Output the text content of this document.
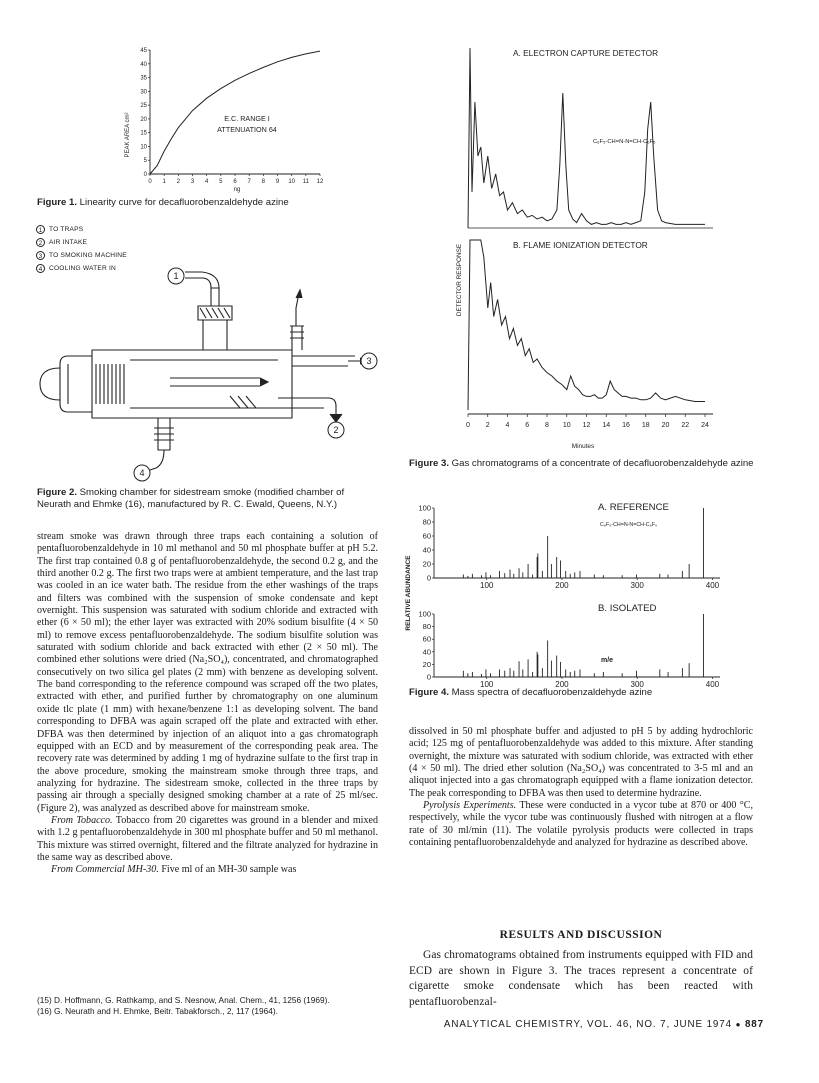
0
5
10
15
20
25
30
35
40
45
0 1 2 3 4 5 6 7 8 9 10 11 12
PEAK AREA cm²
ng
E.C. RANGE I
ATTENUATION 64
Figure 1. Linearity curve for decafluorobenzaldehyde azine
1 TO TRAPS
2 AIR INTAKE
3 TO SMOKING MACHINE
4 COOLING WATER IN
1
3
2
4
Figure 2. Smoking chamber for sidestream smoke (modified chamber of Neurath and Ehmke (16), manufactured by R. C. Ewald, Queens, N.Y.)

stream smoke was drawn through three traps each containing a solution of pentafluorobenzaldehyde in 10 ml methanol and 50 ml phosphate buffer at pH 5.2. The first trap contained 0.8 g of pentafluorobenzaldehyde, the second 0.2 g, and the third another 0.2 g. The first two traps were at ambient temperature, and the last trap was cooled in an ice water bath. The residue from the ether washings of the traps and filters was combined with the suspension of smoke condensate and kept overnight. This suspension was saturated with sodium chloride and extracted with ether (6 × 50 ml); the ether layer was extracted with 20% sodium bisulfite (4 × 50 ml) to remove excess pentafluorobenzaldehyde. The sodium bisulfite solution was saturated with sodium chloride and back extracted with ether (2 × 50 ml). The combined ether solutions were dried (Na₂SO₄), concentrated, and chromatographed consecutively on two silica gel plates (2 mm) with benzene as developing solvent. The band corresponding to the reference compound was scraped off the two plates, extracted with ether, and purified further by chromatography on one aluminum oxide tlc plate (1 mm) with hexane/benzene 1:1 as developing solvent. The band corresponding to DFBA was again scraped off the plate and extracted with ether. DFBA was then determined by injection of an aliquot into a gas chromatograph equipped with an ECD and by measurement of the corresponding peak area. The recovery rate was determined by adding 1 mg of hydrazine sulfate to the first trap in the above procedure, smoking the mainstream smoke through three traps, and analyzing for hydrazine. The sidestream smoke, collected in the three traps by passing air through a specially designed smoking chamber at a rate of 25 ml/sec. (Figure 2), was analyzed as described above for mainstream smoke.

From Tobacco. Tobacco from 20 cigarettes was ground in a blender and mixed with 1.2 g pentafluorobenzaldehyde in 300 ml phosphate buffer and 50 ml methanol. This mixture was stirred overnight, filtered and the filtrate analyzed for hydrazine in the same way as described above.

From Commercial MH-30. Five ml of an MH-30 sample was

(15) D. Hoffmann, G. Rathkamp, and S. Nesnow, Anal. Chem., 41, 1256 (1969).
(16) G. Neurath and H. Ehmke, Beitr. Tabakforsch., 2, 117 (1964).
0 2 4 6 8 10 12 14 16 18 20 22 24
A. ELECTRON CAPTURE DETECTOR
B. FLAME IONIZATION DETECTOR
C₆F₅-CH=N-N=CH-C₆F₅
DETECTOR RESPONSE
Minutes
Figure 3. Gas chromatograms of a concentrate of decafluorobenzaldehyde azine
RELATIVE ABUNDANCE
A. REFERENCE
B. ISOLATED
C₆F₅-CH=N-N=CH-C₆F₅
0
20
40
60
80
100
100	200	300	400
0
20
40
60
80
100
100	200	300	400
m/e
Figure 4. Mass spectra of decafluorobenzaldehyde azine

dissolved in 50 ml phosphate buffer and adjusted to pH 5 by adding hydrochloric acid; 125 mg of pentafluorobenzaldehyde was added to this mixture. After standing overnight, the mixture was saturated with sodium chloride, was extracted with ether (4 × 50 ml). The dried ether solution (Na₂SO₄) was concentrated to 3-5 ml and an aliquot injected into a gas chromatograph equipped with a flame ionization detector. The peak corresponding to DFBA was then used to determine hydrazine.

Pyrolysis Experiments. These were conducted in a vycor tube at 870 or 400 °C, respectively, while the vycor tube was continuously flushed with nitrogen at a flow rate of 30 ml/min (11). The volatile pyrolysis products were collected in traps containing pentafluorobenzaldehyde and analyzed for hydrazine as described above.

RESULTS AND DISCUSSION
Gas chromatograms obtained from instruments equipped with FID and ECD are shown in Figure 3. The traces represent a concentrate of cigarette smoke condensate which has been reacted with pentafluorobenzal-
ANALYTICAL CHEMISTRY, VOL. 46, NO. 7, JUNE 1974 ● 887
